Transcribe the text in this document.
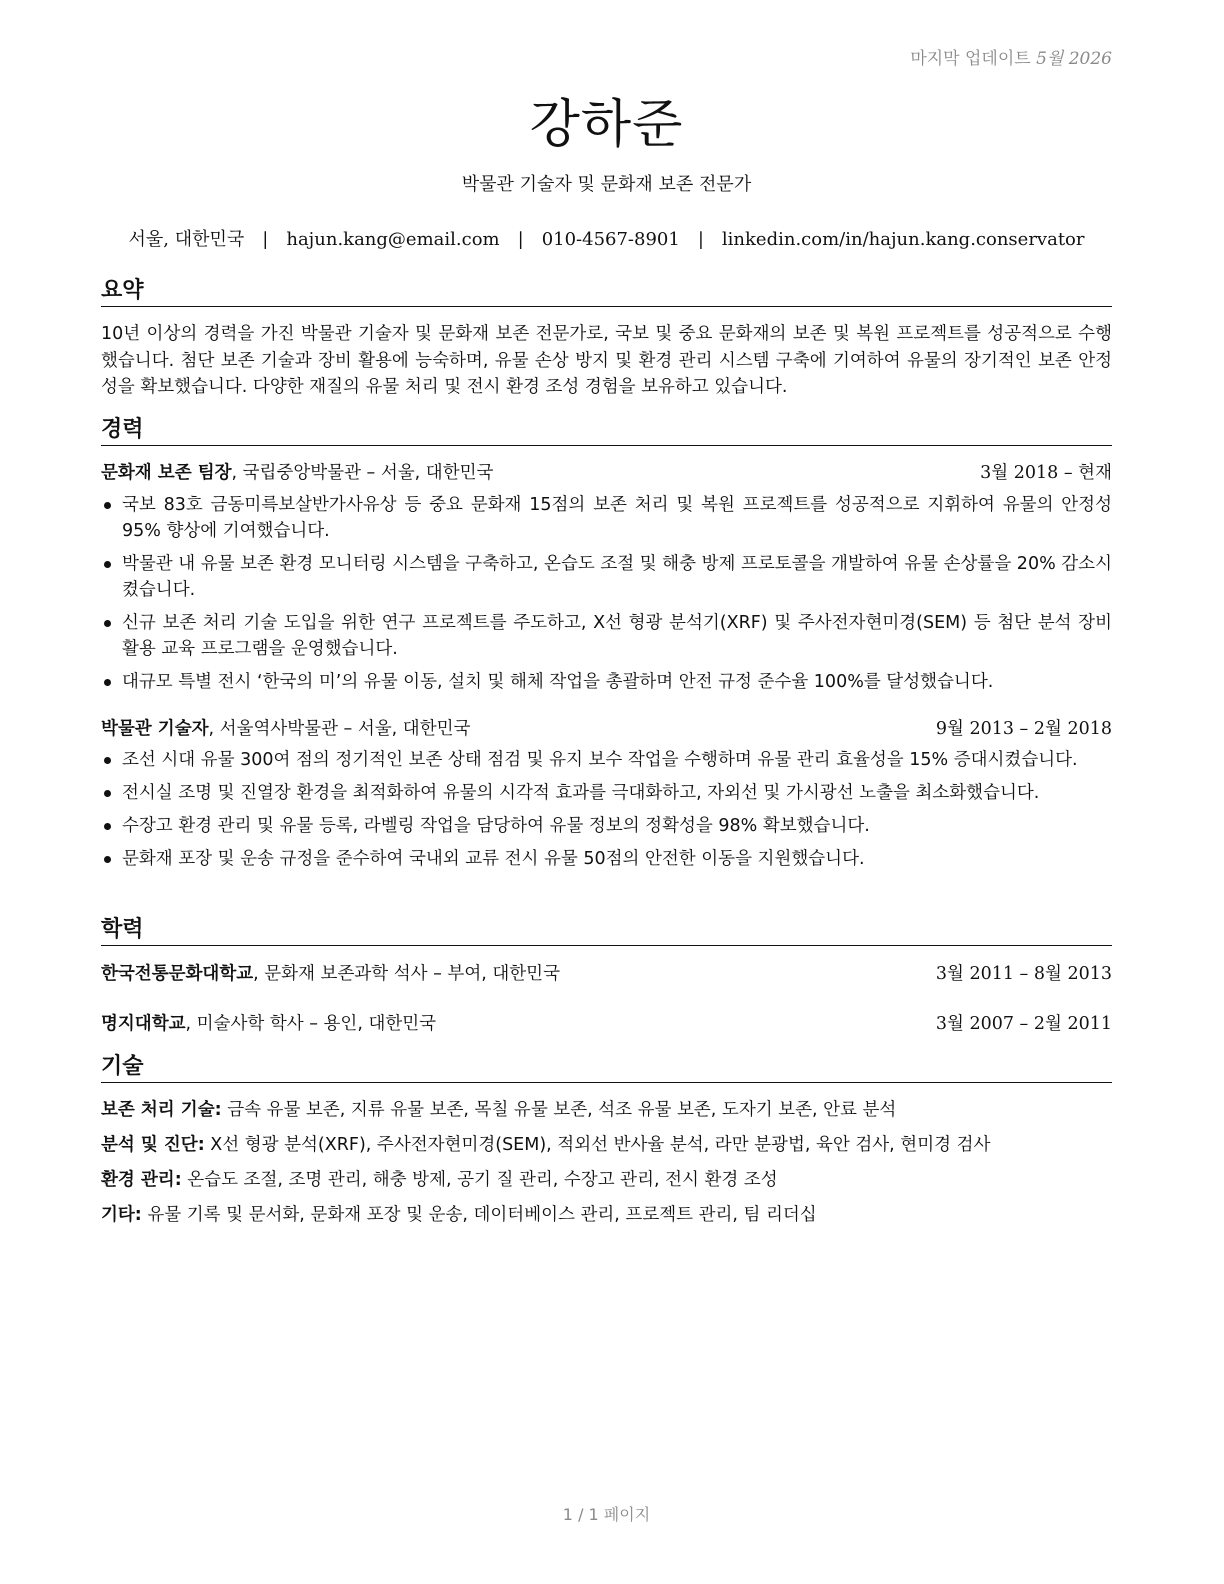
마지막 업데이트 5월 2026
강하준
박물관 기술자 및 문화재 보존 전문가
서울, 대한민국 | hajun.kang@email.com | 010-4567-8901 | linkedin.com/in/hajun.kang.conservator
요약
10년 이상의 경력을 가진 박물관 기술자 및 문화재 보존 전문가로, 국보 및 중요 문화재의 보존 및 복원 프로젝트를 성공적으로 수행했습니다. 첨단 보존 기술과 장비 활용에 능숙하며, 유물 손상 방지 및 환경 관리 시스템 구축에 기여하여 유물의 장기적인 보존 안정성을 확보했습니다. 다양한 재질의 유물 처리 및 전시 환경 조성 경험을 보유하고 있습니다.
경력
문화재 보존 팀장, 국립중앙박물관 – 서울, 대한민국	3월 2018 – 현재
국보 83호 금동미륵보살반가사유상 등 중요 문화재 15점의 보존 처리 및 복원 프로젝트를 성공적으로 지휘하여 유물의 안정성 95% 향상에 기여했습니다.
박물관 내 유물 보존 환경 모니터링 시스템을 구축하고, 온습도 조절 및 해충 방제 프로토콜을 개발하여 유물 손상률을 20% 감소시켰습니다.
신규 보존 처리 기술 도입을 위한 연구 프로젝트를 주도하고, X선 형광 분석기(XRF) 및 주사전자현미경(SEM) 등 첨단 분석 장비 활용 교육 프로그램을 운영했습니다.
대규모 특별 전시 ‘한국의 미’의 유물 이동, 설치 및 해체 작업을 총괄하며 안전 규정 준수율 100%를 달성했습니다.
박물관 기술자, 서울역사박물관 – 서울, 대한민국	9월 2013 – 2월 2018
조선 시대 유물 300여 점의 정기적인 보존 상태 점검 및 유지 보수 작업을 수행하며 유물 관리 효율성을 15% 증대시켰습니다.
전시실 조명 및 진열장 환경을 최적화하여 유물의 시각적 효과를 극대화하고, 자외선 및 가시광선 노출을 최소화했습니다.
수장고 환경 관리 및 유물 등록, 라벨링 작업을 담당하여 유물 정보의 정확성을 98% 확보했습니다.
문화재 포장 및 운송 규정을 준수하여 국내외 교류 전시 유물 50점의 안전한 이동을 지원했습니다.
학력
한국전통문화대학교, 문화재 보존과학 석사 – 부여, 대한민국	3월 2011 – 8월 2013
명지대학교, 미술사학 학사 – 용인, 대한민국	3월 2007 – 2월 2011
기술
보존 처리 기술: 금속 유물 보존, 지류 유물 보존, 목칠 유물 보존, 석조 유물 보존, 도자기 보존, 안료 분석
분석 및 진단: X선 형광 분석(XRF), 주사전자현미경(SEM), 적외선 반사율 분석, 라만 분광법, 육안 검사, 현미경 검사
환경 관리: 온습도 조절, 조명 관리, 해충 방제, 공기 질 관리, 수장고 관리, 전시 환경 조성
기타: 유물 기록 및 문서화, 문화재 포장 및 운송, 데이터베이스 관리, 프로젝트 관리, 팀 리더십
1 / 1 페이지
